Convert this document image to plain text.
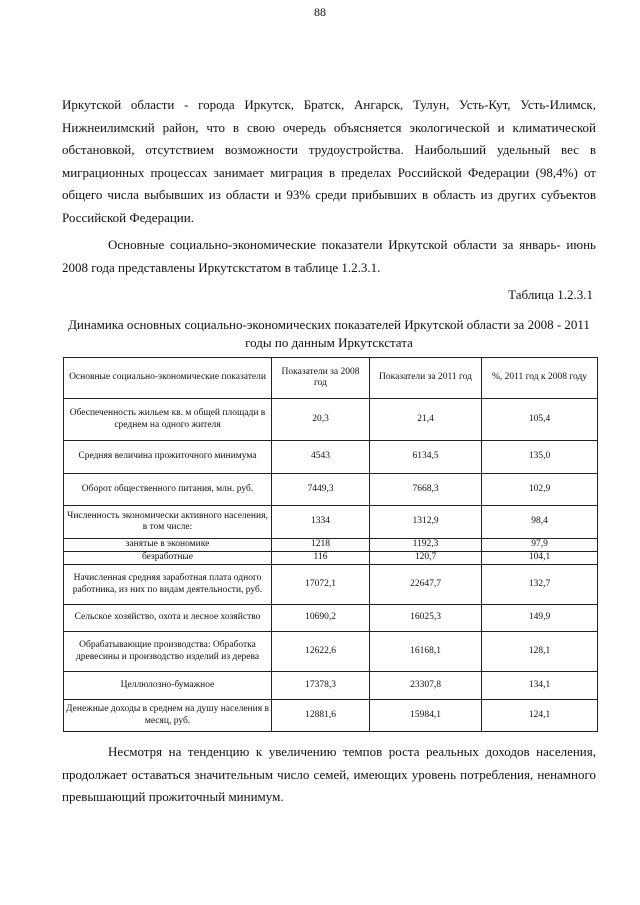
88

Иркутской области - города Иркутск, Братск, Ангарск, Тулун, Усть-Кут, Усть-Илимск, Нижнеилимский район, что в свою очередь объясняется экологической и климатической обстановкой, отсутствием возможности трудоустройства. Наибольший удельный вес в миграционных процессах занимает миграция в пределах Российской Федерации (98,4%) от общего числа выбывших из области и 93% среди прибывших в область из других субъектов Российской Федерации.

Основные социально-экономические показатели Иркутской области за январь- июнь 2008 года представлены Иркутскстатом в таблице 1.2.3.1.

Таблица 1.2.3.1

Динамика основных социально-экономических показателей Иркутской области за 2008 - 2011 годы по данным Иркутскстата

Основные социально-экономические показатели	Показатели за 2008 год	Показатели за 2011 год	%, 2011 год к 2008 году
Обеспеченность жильем кв. м общей площади в среднем на одного жителя	20,3	21,4	105,4
Средняя величина прожиточного минимума	4543	6134,5	135,0
Оборот общественного питания, млн. руб.	7449,3	7668,3	102,9
Численность экономически активного населения, в том числе:	1334	1312,9	98,4
занятые в экономике	1218	1192,3	97,9
безработные	116	120,7	104,1
Начисленная средняя заработная плата одного работника, из них по видам деятельности, руб.	17072,1	22647,7	132,7
Сельское хозяйство, охота и лесное хозяйство	10690,2	16025,3	149,9
Обрабатывающие производства: Обработка древесины и производство изделий из дерева	12622,6	16168,1	128,1
Целлюлозно-бумажное	17378,3	23307,8	134,1
Денежные доходы в среднем на душу населения в месяц, руб.	12881,6	15984,1	124,1

Несмотря на тенденцию к увеличению темпов роста реальных доходов населения, продолжает оставаться значительным число семей, имеющих уровень потребления, ненамного превышающий прожиточный минимум.
